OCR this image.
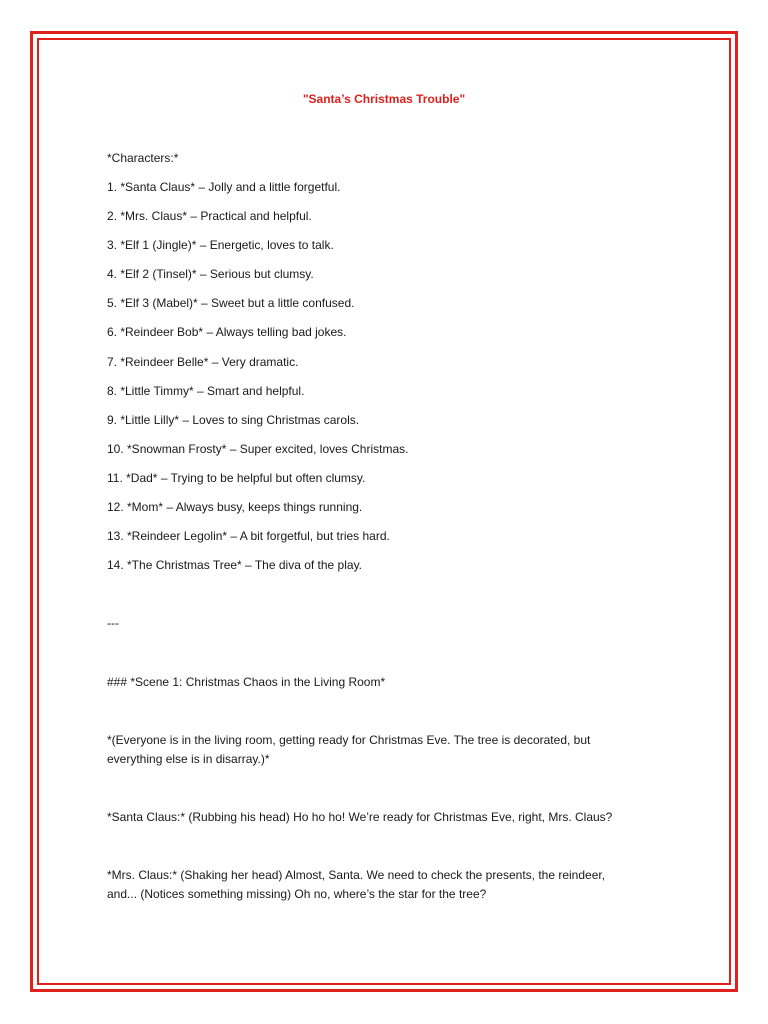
"Santa’s Christmas Trouble"
*Characters:*
1. *Santa Claus* – Jolly and a little forgetful.
2. *Mrs. Claus* – Practical and helpful.
3. *Elf 1 (Jingle)* – Energetic, loves to talk.
4. *Elf 2 (Tinsel)* – Serious but clumsy.
5. *Elf 3 (Mabel)* – Sweet but a little confused.
6. *Reindeer Bob* – Always telling bad jokes.
7. *Reindeer Belle* – Very dramatic.
8. *Little Timmy* – Smart and helpful.
9. *Little Lilly* – Loves to sing Christmas carols.
10. *Snowman Frosty* – Super excited, loves Christmas.
11. *Dad* – Trying to be helpful but often clumsy.
12. *Mom* – Always busy, keeps things running.
13. *Reindeer Legolin* – A bit forgetful, but tries hard.
14. *The Christmas Tree* – The diva of the play.
---
### *Scene 1: Christmas Chaos in the Living Room*
*(Everyone is in the living room, getting ready for Christmas Eve. The tree is decorated, but everything else is in disarray.)*
*Santa Claus:* (Rubbing his head) Ho ho ho! We’re ready for Christmas Eve, right, Mrs. Claus?
*Mrs. Claus:* (Shaking her head) Almost, Santa. We need to check the presents, the reindeer, and... (Notices something missing) Oh no, where’s the star for the tree?
